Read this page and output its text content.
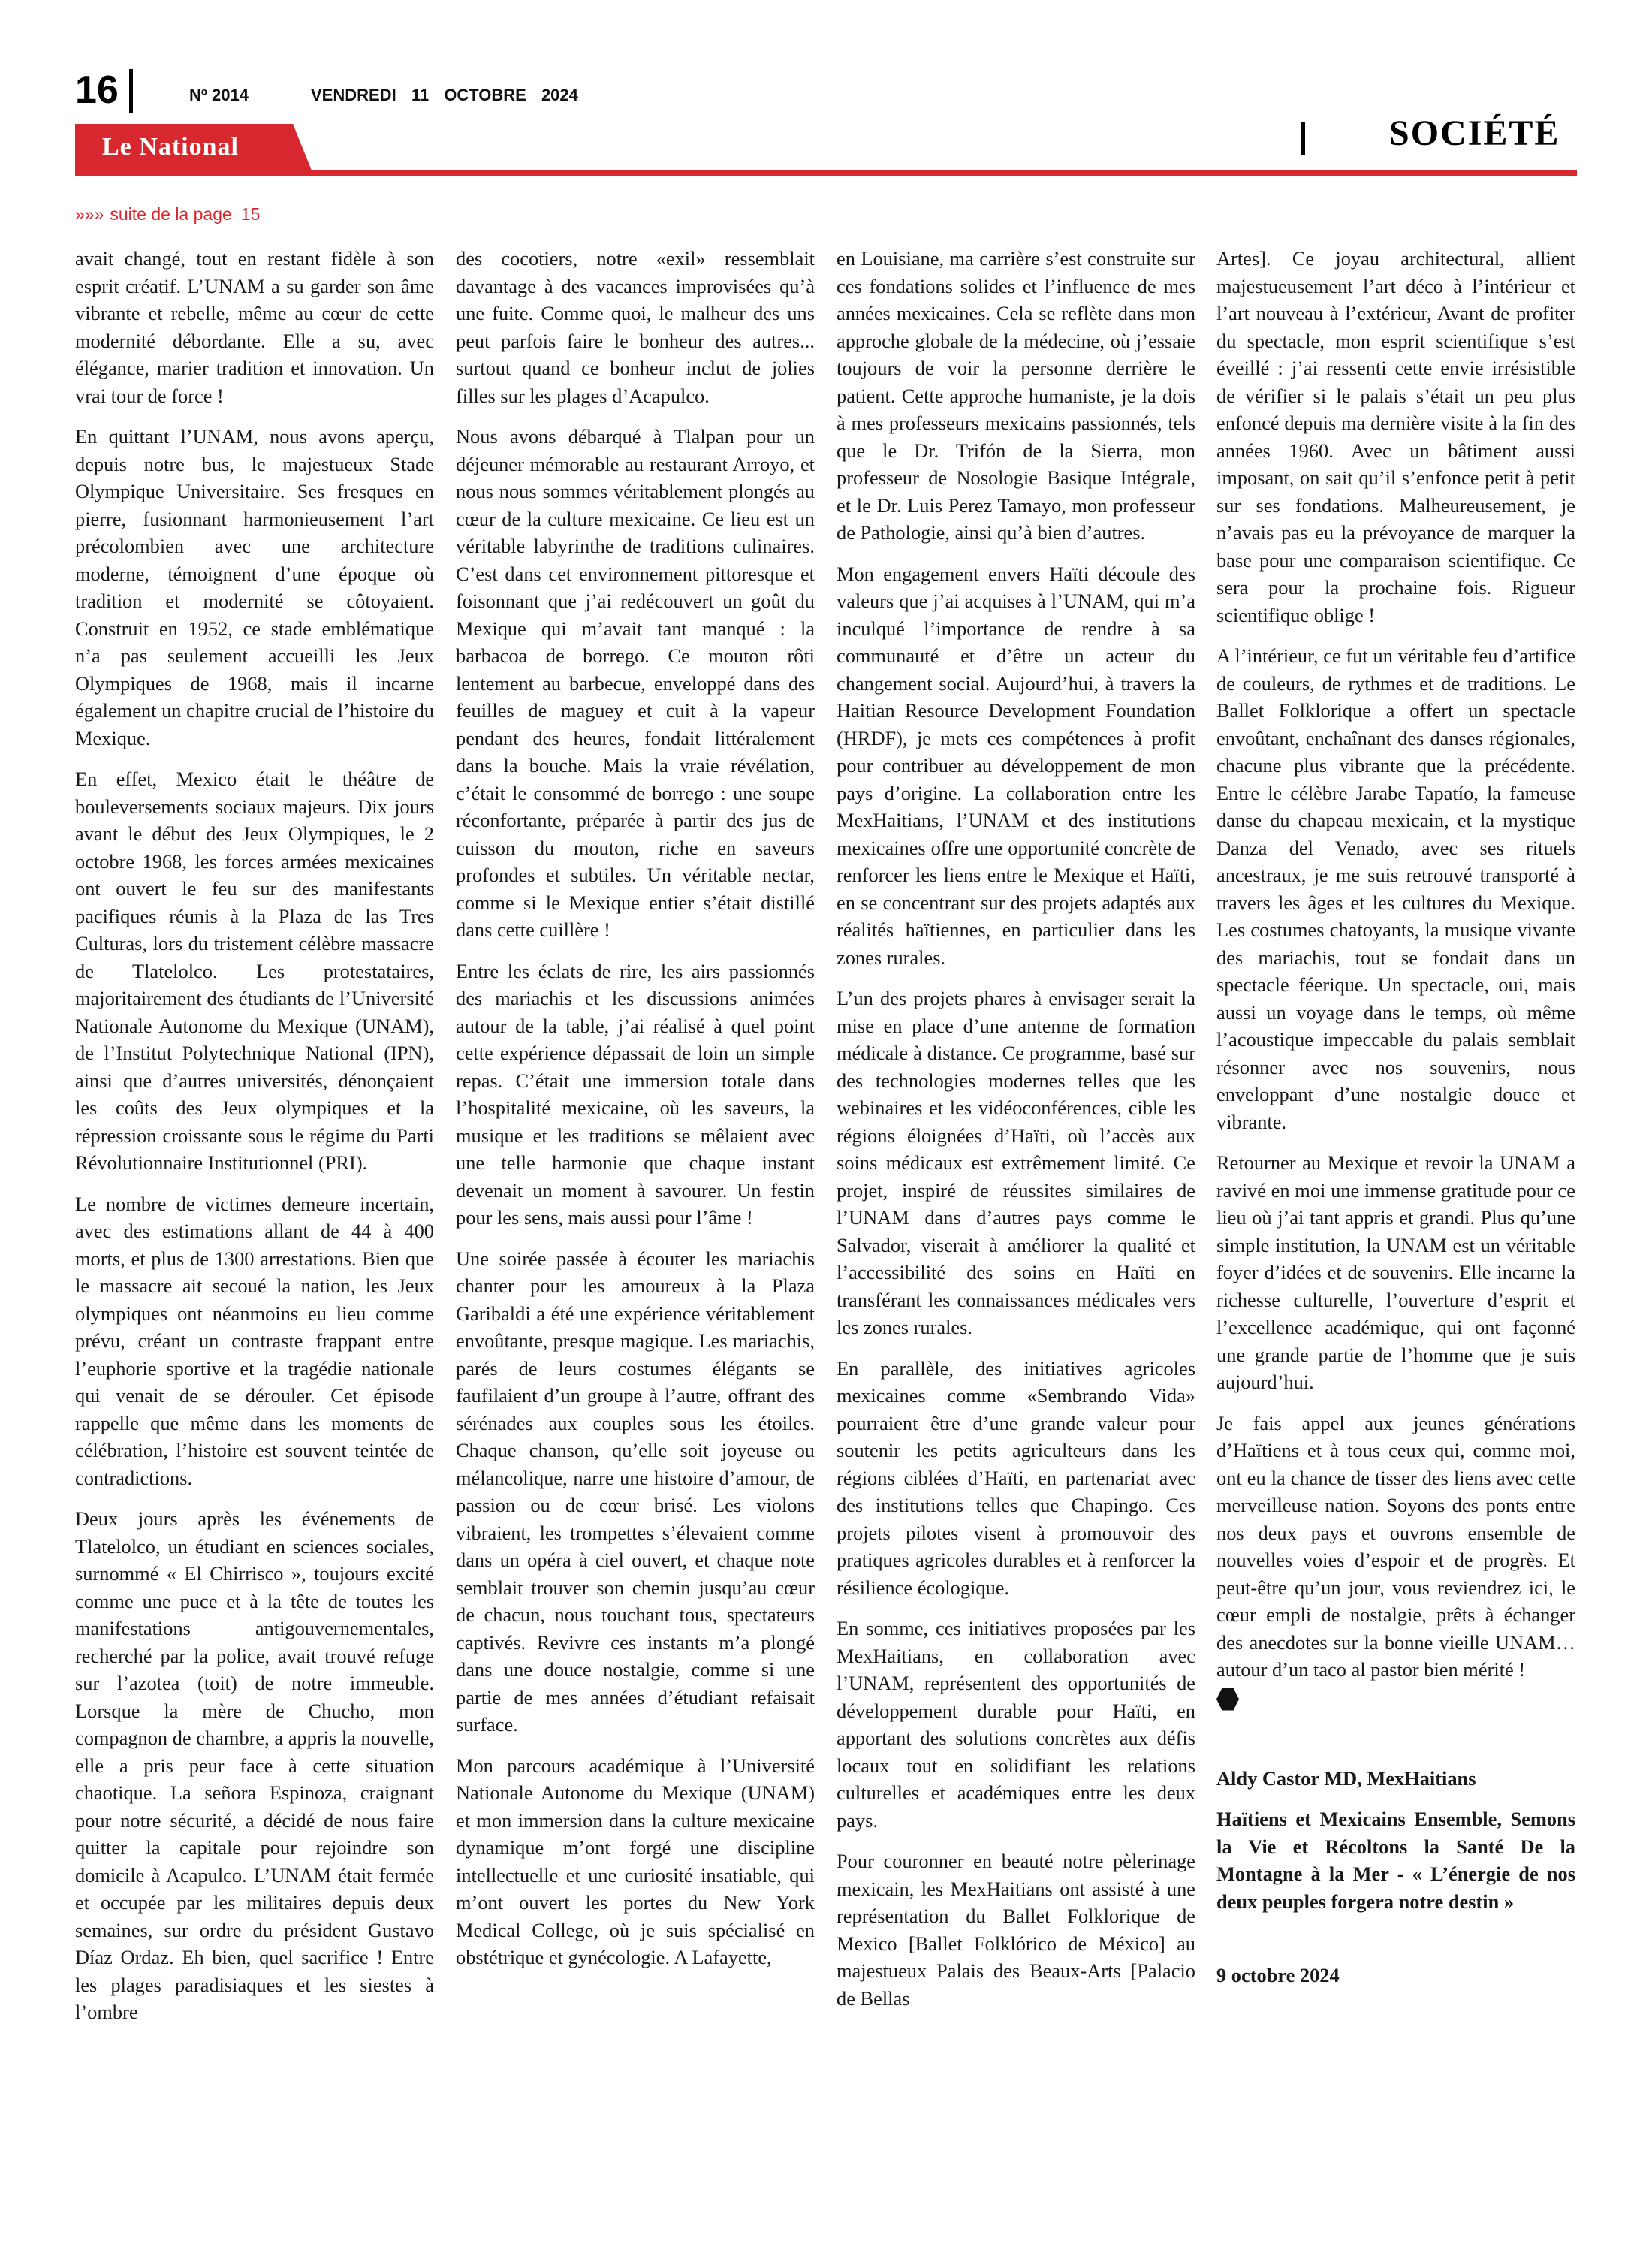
16	Nº 2014	VENDREDI 11 OCTOBRE 2024
Le National	SOCIÉTÉ
»»» suite de la page 15

avait changé, tout en restant fidèle à son esprit créatif. L’UNAM a su garder son âme vibrante et rebelle, même au cœur de cette modernité débordante. Elle a su, avec élégance, marier tradition et innovation. Un vrai tour de force !

En quittant l’UNAM, nous avons aperçu, depuis notre bus, le majestueux Stade Olympique Universitaire. Ses fresques en pierre, fusionnant harmonieusement l’art précolombien avec une architecture moderne, témoignent d’une époque où tradition et modernité se côtoyaient. Construit en 1952, ce stade emblématique n’a pas seulement accueilli les Jeux Olympiques de 1968, mais il incarne également un chapitre crucial de l’histoire du Mexique.

En effet, Mexico était le théâtre de bouleversements sociaux majeurs. Dix jours avant le début des Jeux Olympiques, le 2 octobre 1968, les forces armées mexicaines ont ouvert le feu sur des manifestants pacifiques réunis à la Plaza de las Tres Culturas, lors du tristement célèbre massacre de Tlatelolco. Les protestataires, majoritairement des étudiants de l’Université Nationale Autonome du Mexique (UNAM), de l’Institut Polytechnique National (IPN), ainsi que d’autres universités, dénonçaient les coûts des Jeux olympiques et la répression croissante sous le régime du Parti Révolutionnaire Institutionnel (PRI).

Le nombre de victimes demeure incertain, avec des estimations allant de 44 à 400 morts, et plus de 1300 arrestations. Bien que le massacre ait secoué la nation, les Jeux olympiques ont néanmoins eu lieu comme prévu, créant un contraste frappant entre l’euphorie sportive et la tragédie nationale qui venait de se dérouler. Cet épisode rappelle que même dans les moments de célébration, l’histoire est souvent teintée de contradictions.

Deux jours après les événements de Tlatelolco, un étudiant en sciences sociales, surnommé « El Chirrisco », toujours excité comme une puce et à la tête de toutes les manifestations antigouvernementales, recherché par la police, avait trouvé refuge sur l’azotea (toit) de notre immeuble. Lorsque la mère de Chucho, mon compagnon de chambre, a appris la nouvelle, elle a pris peur face à cette situation chaotique. La señora Espinoza, craignant pour notre sécurité, a décidé de nous faire quitter la capitale pour rejoindre son domicile à Acapulco. L’UNAM était fermée et occupée par les militaires depuis deux semaines, sur ordre du président Gustavo Díaz Ordaz. Eh bien, quel sacrifice ! Entre les plages paradisiaques et les siestes à l’ombre

des cocotiers, notre «exil» ressemblait davantage à des vacances improvisées qu’à une fuite. Comme quoi, le malheur des uns peut parfois faire le bonheur des autres... surtout quand ce bonheur inclut de jolies filles sur les plages d’Acapulco.

Nous avons débarqué à Tlalpan pour un déjeuner mémorable au restaurant Arroyo, et nous nous sommes véritablement plongés au cœur de la culture mexicaine. Ce lieu est un véritable labyrinthe de traditions culinaires. C’est dans cet environnement pittoresque et foisonnant que j’ai redécouvert un goût du Mexique qui m’avait tant manqué : la barbacoa de borrego. Ce mouton rôti lentement au barbecue, enveloppé dans des feuilles de maguey et cuit à la vapeur pendant des heures, fondait littéralement dans la bouche. Mais la vraie révélation, c’était le consommé de borrego : une soupe réconfortante, préparée à partir des jus de cuisson du mouton, riche en saveurs profondes et subtiles. Un véritable nectar, comme si le Mexique entier s’était distillé dans cette cuillère !

Entre les éclats de rire, les airs passionnés des mariachis et les discussions animées autour de la table, j’ai réalisé à quel point cette expérience dépassait de loin un simple repas. C’était une immersion totale dans l’hospitalité mexicaine, où les saveurs, la musique et les traditions se mêlaient avec une telle harmonie que chaque instant devenait un moment à savourer. Un festin pour les sens, mais aussi pour l’âme !

Une soirée passée à écouter les mariachis chanter pour les amoureux à la Plaza Garibaldi a été une expérience véritablement envoûtante, presque magique. Les mariachis, parés de leurs costumes élégants se faufilaient d’un groupe à l’autre, offrant des sérénades aux couples sous les étoiles. Chaque chanson, qu’elle soit joyeuse ou mélancolique, narre une histoire d’amour, de passion ou de cœur brisé. Les violons vibraient, les trompettes s’élevaient comme dans un opéra à ciel ouvert, et chaque note semblait trouver son chemin jusqu’au cœur de chacun, nous touchant tous, spectateurs captivés. Revivre ces instants m’a plongé dans une douce nostalgie, comme si une partie de mes années d’étudiant refaisait surface.

Mon parcours académique à l’Université Nationale Autonome du Mexique (UNAM) et mon immersion dans la culture mexicaine dynamique m’ont forgé une discipline intellectuelle et une curiosité insatiable, qui m’ont ouvert les portes du New York Medical College, où je suis spécialisé en obstétrique et gynécologie. A Lafayette,

en Louisiane, ma carrière s’est construite sur ces fondations solides et l’influence de mes années mexicaines. Cela se reflète dans mon approche globale de la médecine, où j’essaie toujours de voir la personne derrière le patient. Cette approche humaniste, je la dois à mes professeurs mexicains passionnés, tels que le Dr. Trifón de la Sierra, mon professeur de Nosologie Basique Intégrale, et le Dr. Luis Perez Tamayo, mon professeur de Pathologie, ainsi qu’à bien d’autres.

Mon engagement envers Haïti découle des valeurs que j’ai acquises à l’UNAM, qui m’a inculqué l’importance de rendre à sa communauté et d’être un acteur du changement social. Aujourd’hui, à travers la Haitian Resource Development Foundation (HRDF), je mets ces compétences à profit pour contribuer au développement de mon pays d’origine. La collaboration entre les MexHaitians, l’UNAM et des institutions mexicaines offre une opportunité concrète de renforcer les liens entre le Mexique et Haïti, en se concentrant sur des projets adaptés aux réalités haïtiennes, en particulier dans les zones rurales.

L’un des projets phares à envisager serait la mise en place d’une antenne de formation médicale à distance. Ce programme, basé sur des technologies modernes telles que les webinaires et les vidéoconférences, cible les régions éloignées d’Haïti, où l’accès aux soins médicaux est extrêmement limité. Ce projet, inspiré de réussites similaires de l’UNAM dans d’autres pays comme le Salvador, viserait à améliorer la qualité et l’accessibilité des soins en Haïti en transférant les connaissances médicales vers les zones rurales.

En parallèle, des initiatives agricoles mexicaines comme «Sembrando Vida» pourraient être d’une grande valeur pour soutenir les petits agriculteurs dans les régions ciblées d’Haïti, en partenariat avec des institutions telles que Chapingo. Ces projets pilotes visent à promouvoir des pratiques agricoles durables et à renforcer la résilience écologique.

En somme, ces initiatives proposées par les MexHaitians, en collaboration avec l’UNAM, représentent des opportunités de développement durable pour Haïti, en apportant des solutions concrètes aux défis locaux tout en solidifiant les relations culturelles et académiques entre les deux pays.

Pour couronner en beauté notre pèlerinage mexicain, les MexHaitians ont assisté à une représentation du Ballet Folklorique de Mexico [Ballet Folklórico de México] au majestueux Palais des Beaux-Arts [Palacio de Bellas

Artes]. Ce joyau architectural, allient majestueusement l’art déco à l’intérieur et l’art nouveau à l’extérieur, Avant de profiter du spectacle, mon esprit scientifique s’est éveillé : j’ai ressenti cette envie irrésistible de vérifier si le palais s’était un peu plus enfoncé depuis ma dernière visite à la fin des années 1960. Avec un bâtiment aussi imposant, on sait qu’il s’enfonce petit à petit sur ses fondations. Malheureusement, je n’avais pas eu la prévoyance de marquer la base pour une comparaison scientifique. Ce sera pour la prochaine fois. Rigueur scientifique oblige !

A l’intérieur, ce fut un véritable feu d’artifice de couleurs, de rythmes et de traditions. Le Ballet Folklorique a offert un spectacle envoûtant, enchaînant des danses régionales, chacune plus vibrante que la précédente. Entre le célèbre Jarabe Tapatío, la fameuse danse du chapeau mexicain, et la mystique Danza del Venado, avec ses rituels ancestraux, je me suis retrouvé transporté à travers les âges et les cultures du Mexique. Les costumes chatoyants, la musique vivante des mariachis, tout se fondait dans un spectacle féerique. Un spectacle, oui, mais aussi un voyage dans le temps, où même l’acoustique impeccable du palais semblait résonner avec nos souvenirs, nous enveloppant d’une nostalgie douce et vibrante.

Retourner au Mexique et revoir la UNAM a ravivé en moi une immense gratitude pour ce lieu où j’ai tant appris et grandi. Plus qu’une simple institution, la UNAM est un véritable foyer d’idées et de souvenirs. Elle incarne la richesse culturelle, l’ouverture d’esprit et l’excellence académique, qui ont façonné une grande partie de l’homme que je suis aujourd’hui.

Je fais appel aux jeunes générations d’Haïtiens et à tous ceux qui, comme moi, ont eu la chance de tisser des liens avec cette merveilleuse nation. Soyons des ponts entre nos deux pays et ouvrons ensemble de nouvelles voies d’espoir et de progrès. Et peut-être qu’un jour, vous reviendrez ici, le cœur empli de nostalgie, prêts à échanger des anecdotes sur la bonne vieille UNAM… autour d’un taco al pastor bien mérité !

Aldy Castor MD, MexHaitians
Haïtiens et Mexicains Ensemble, Semons la Vie et Récoltons la Santé De la Montagne à la Mer - « L’énergie de nos deux peuples forgera notre destin »
9 octobre 2024
